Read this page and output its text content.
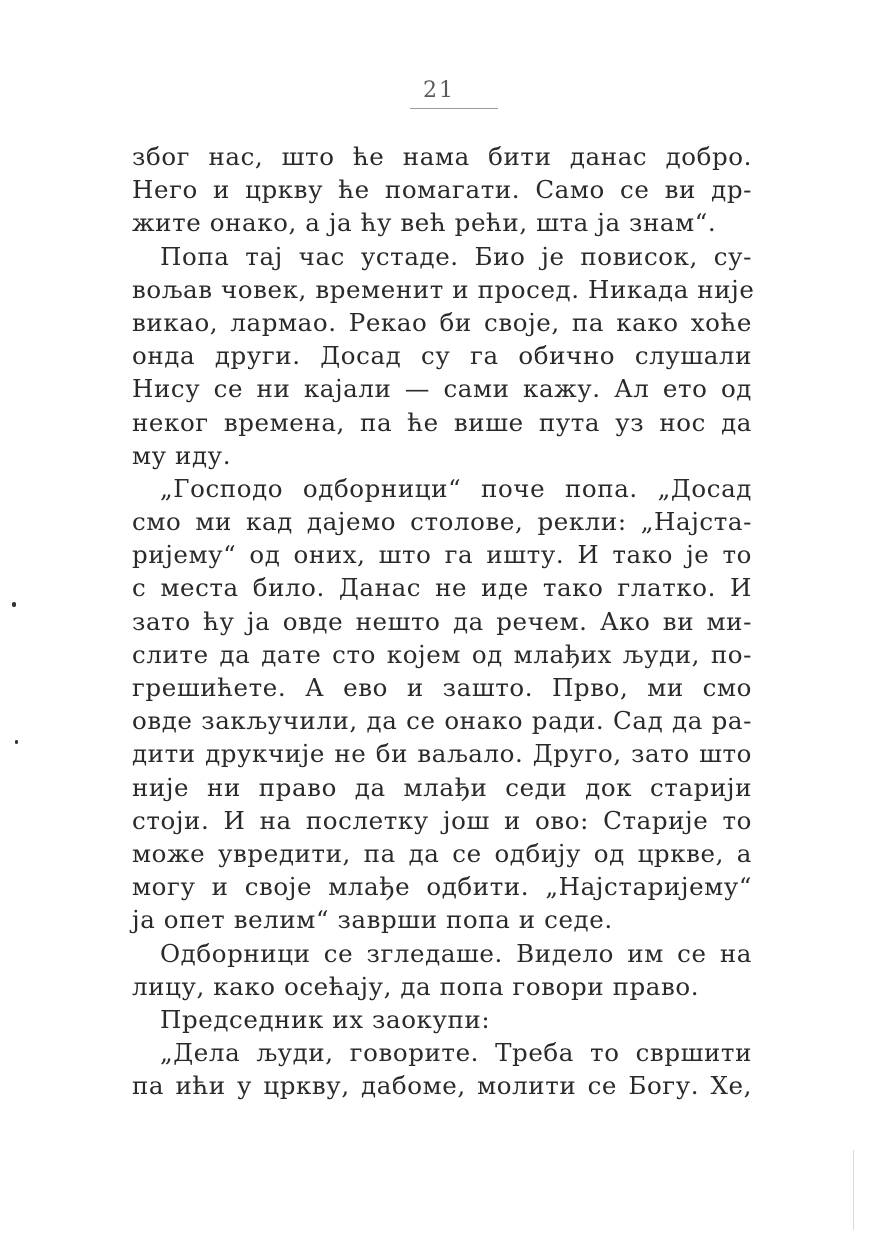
21
због нас, што ће нама бити данас добро.
Него и цркву ће помагати. Само се ви др-
жите онако, а ја ћу већ рећи, шта ја знам“.
Попа тај час устаде. Био је повисок, су-
вољав човек, временит и просед. Никада није
викао, лармао. Рекао би своје, па како хоће
онда други. Досад су га обично слушали
Нису се ни кајали — сами кажу. Ал ето од
неког времена, па ће више пута уз нос да
му иду.
„Господо одборници“ поче попа. „Досад
смо ми кад дајемо столове, рекли: „Најста-
ријему“ од оних, што га ишту. И тако је то
с места било. Данас не иде тако глатко. И
зато ћу ја овде нешто да речем. Ако ви ми-
слите да дате сто којем од млађих људи, по-
грешићете. А ево и зашто. Прво, ми смо
овде закључили, да се онако ради. Сад да ра-
дити друкчије не би ваљало. Друго, зато што
није ни право да млађи седи док старији
стоји. И на послетку још и ово: Старије то
може увредити, па да се одбију од цркве, а
могу и своје млађе одбити. „Најстаријему“
ја опет велим“ заврши попа и седе.
Одборници се згледаше. Видело им се на
лицу, како осећају, да попа говори право.
Председник их заокупи:
„Дела људи, говорите. Треба то свршити
па ићи у цркву, дабоме, молити се Богу. Хе,
